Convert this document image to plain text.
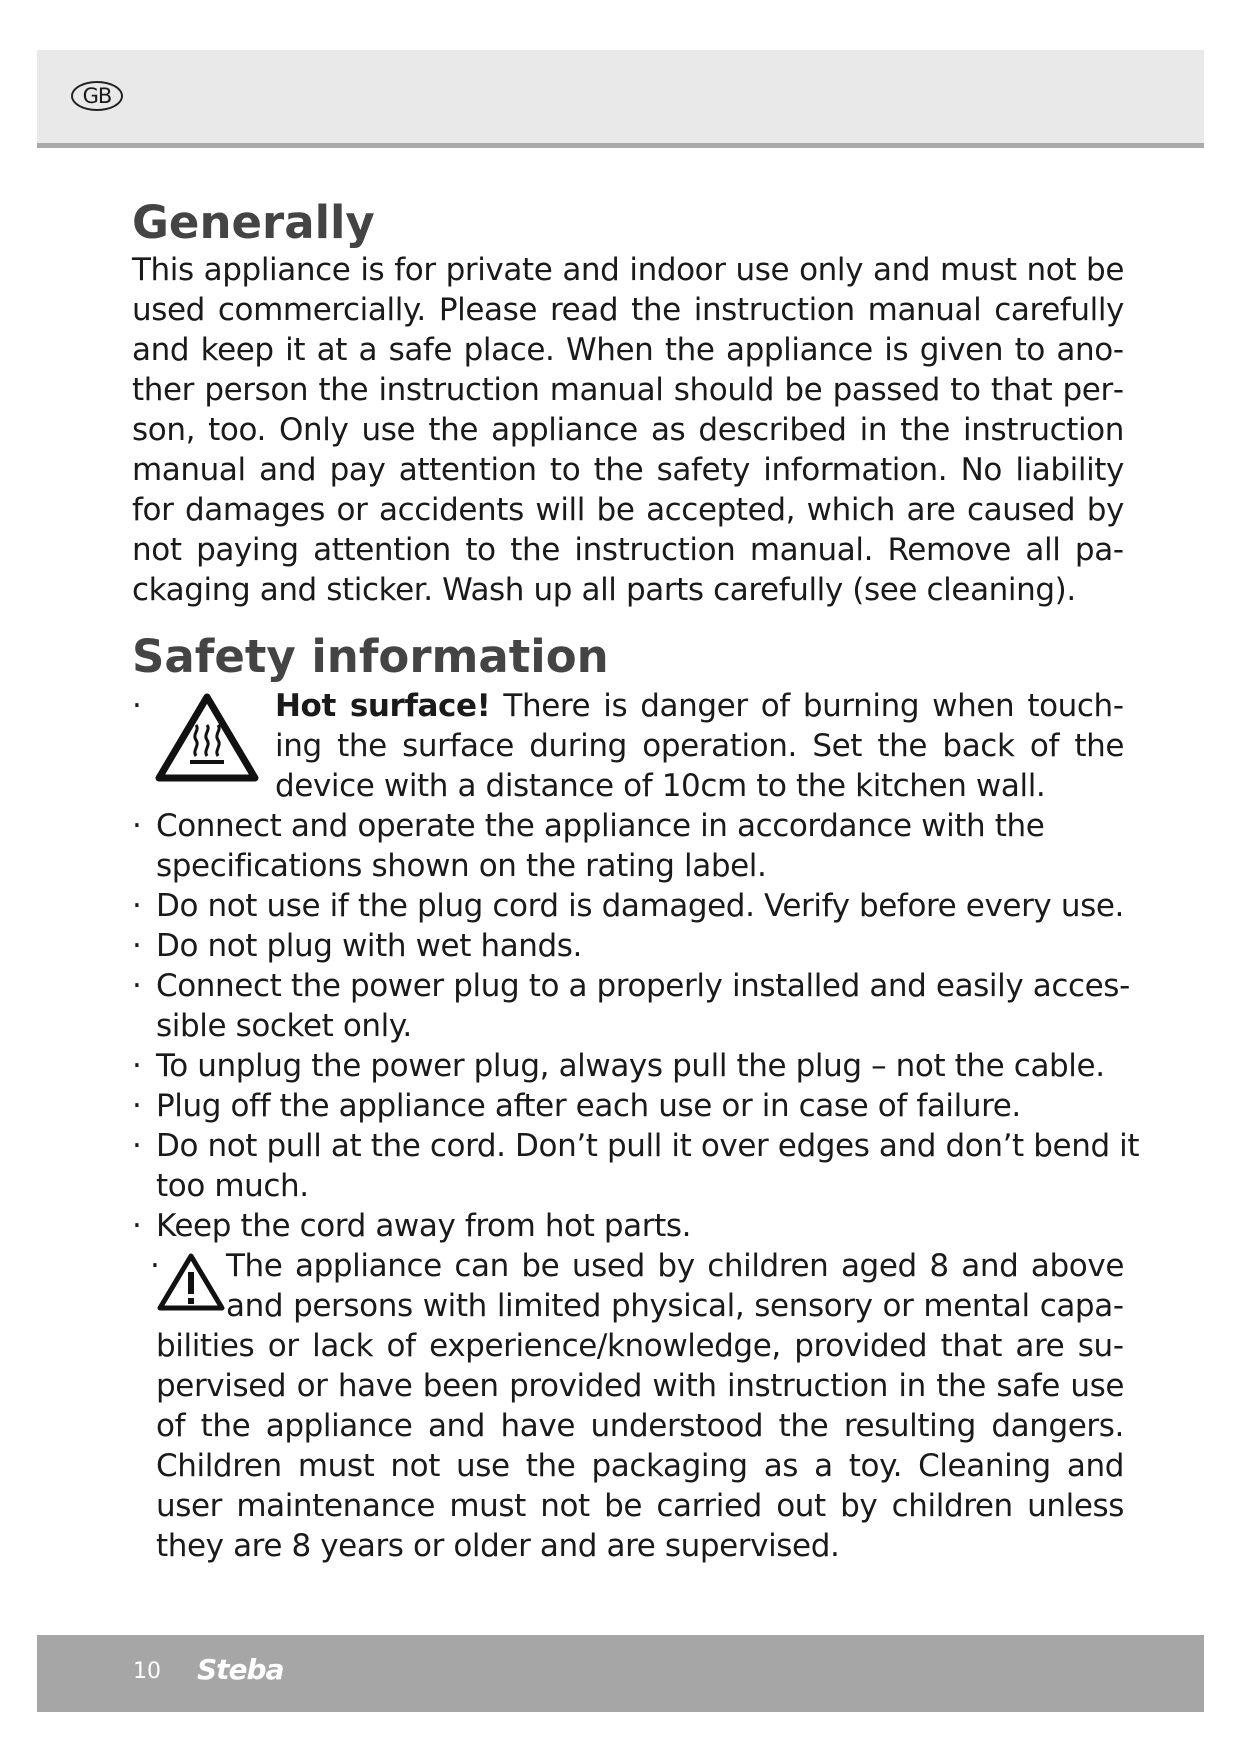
GB
Generally

This appliance is for private and indoor use only and must not be used commercially. Please read the instruction manual carefully and keep it at a safe place. When the appliance is given to another person the instruction manual should be passed to that person, too. Only use the appliance as described in the instruction manual and pay attention to the safety information. No liability for damages or accidents will be accepted, which are caused by not paying attention to the instruction manual. Remove all packaging and sticker. Wash up all parts carefully (see cleaning).

Safety information
·	Hot surface! There is danger of burning when touching the surface during operation. Set the back of the device with a distance of 10cm to the kitchen wall.
· Connect and operate the appliance in accordance with the specifications shown on the rating label.
· Do not use if the plug cord is damaged. Verify before every use.
· Do not plug with wet hands.
· Connect the power plug to a properly installed and easily accessible socket only.
· To unplug the power plug, always pull the plug – not the cable.
· Plug off the appliance after each use or in case of failure.
· Do not pull at the cord. Don’t pull it over edges and don’t bend it too much.
· Keep the cord away from hot parts.
·	The appliance can be used by children aged 8 and above and persons with limited physical, sensory or mental capabilities or lack of experience/knowledge, provided that are supervised or have been provided with instruction in the safe use of the appliance and have understood the resulting dangers. Children must not use the packaging as a toy. Cleaning and user maintenance must not be carried out by children unless they are 8 years or older and are supervised.
10 Steba
